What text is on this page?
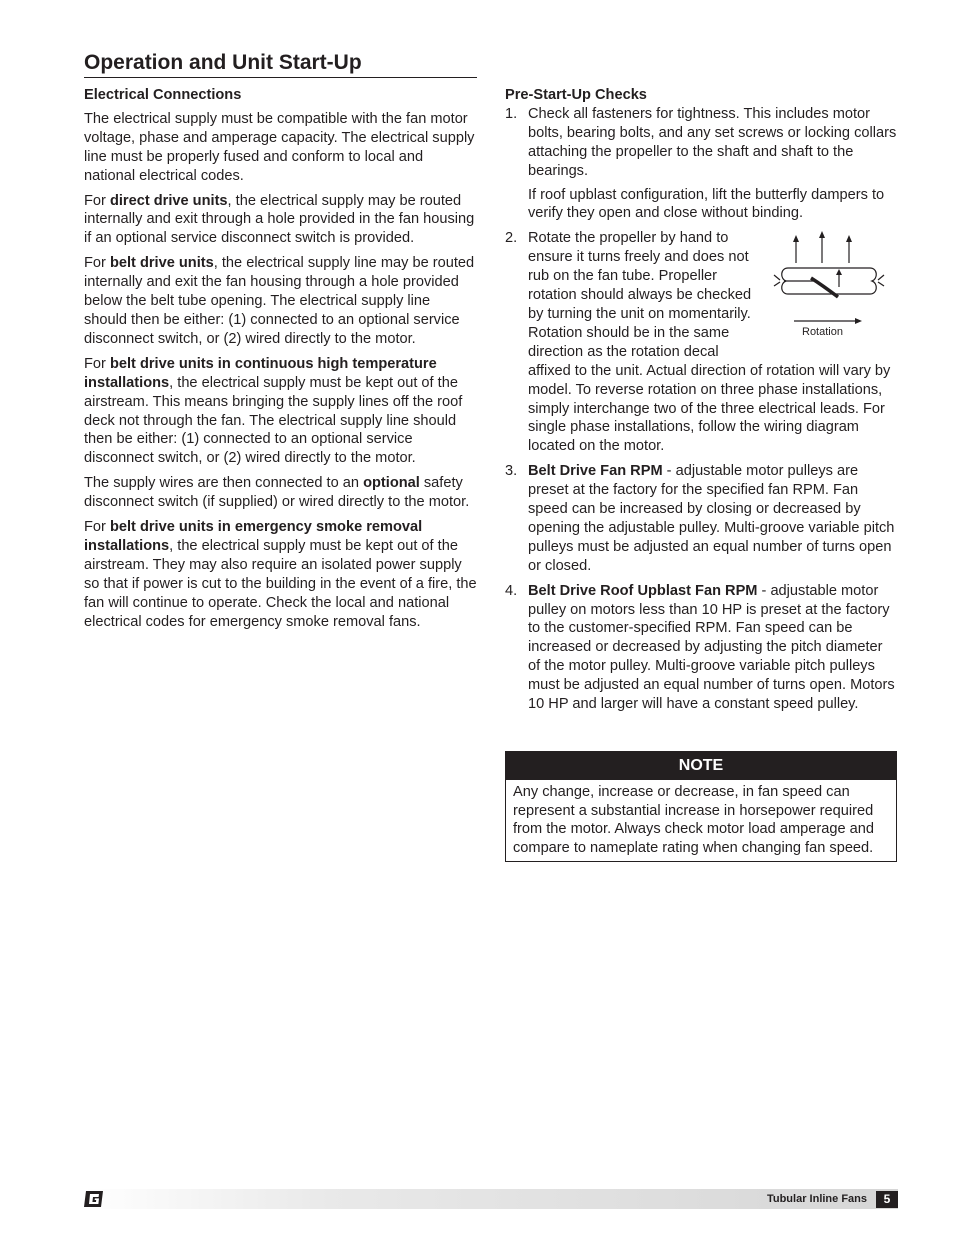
Operation and Unit Start-Up

Electrical Connections

The electrical supply must be compatible with the fan motor voltage, phase and amperage capacity. The electrical supply line must be properly fused and conform to local and national electrical codes.

For direct drive units, the electrical supply may be routed internally and exit through a hole provided in the fan housing if an optional service disconnect switch is provided.

For belt drive units, the electrical supply line may be routed internally and exit the fan housing through a hole provided below the belt tube opening. The electrical supply line should then be either: (1) connected to an optional service disconnect switch, or (2) wired directly to the motor.

For belt drive units in continuous high temperature installations, the electrical supply must be kept out of the airstream. This means bringing the supply lines off the roof deck not through the fan. The electrical supply line should then be either: (1) connected to an optional service disconnect switch, or (2) wired directly to the motor.

The supply wires are then connected to an optional safety disconnect switch (if supplied) or wired directly to the motor.

For belt drive units in emergency smoke removal installations, the electrical supply must be kept out of the airstream. They may also require an isolated power supply so that if power is cut to the building in the event of a fire, the fan will continue to operate. Check the local and national electrical codes for emergency smoke removal fans.

Pre-Start-Up Checks

1. Check all fasteners for tightness. This includes motor bolts, bearing bolts, and any set screws or locking collars attaching the propeller to the shaft and shaft to the bearings.

If roof upblast configuration, lift the butterfly dampers to verify they open and close without binding.

2.
Rotation

Rotate the propeller by hand to ensure it turns freely and does not rub on the fan tube. Propeller rotation should always be checked by turning the unit on momentarily. Rotation should be in the same direction as the rotation decal affixed to the unit. Actual direction of rotation will vary by model. To reverse rotation on three phase installations, simply interchange two of the three electrical leads. For single phase installations, follow the wiring diagram located on the motor.

3. Belt Drive Fan RPM - adjustable motor pulleys are preset at the factory for the specified fan RPM. Fan speed can be increased by closing or decreased by opening the adjustable pulley. Multi-groove variable pitch pulleys must be adjusted an equal number of turns open or closed.

4. Belt Drive Roof Upblast Fan RPM - adjustable motor pulley on motors less than 10 HP is preset at the factory to the customer-specified RPM. Fan speed can be increased or decreased by adjusting the pitch diameter of the motor pulley. Multi-groove variable pitch pulleys must be adjusted an equal number of turns open. Motors 10 HP and larger will have a constant speed pulley.

NOTE
Any change, increase or decrease, in fan speed can represent a substantial increase in horsepower required from the motor. Always check motor load amperage and compare to nameplate rating when changing fan speed.
Tubular Inline Fans	5
